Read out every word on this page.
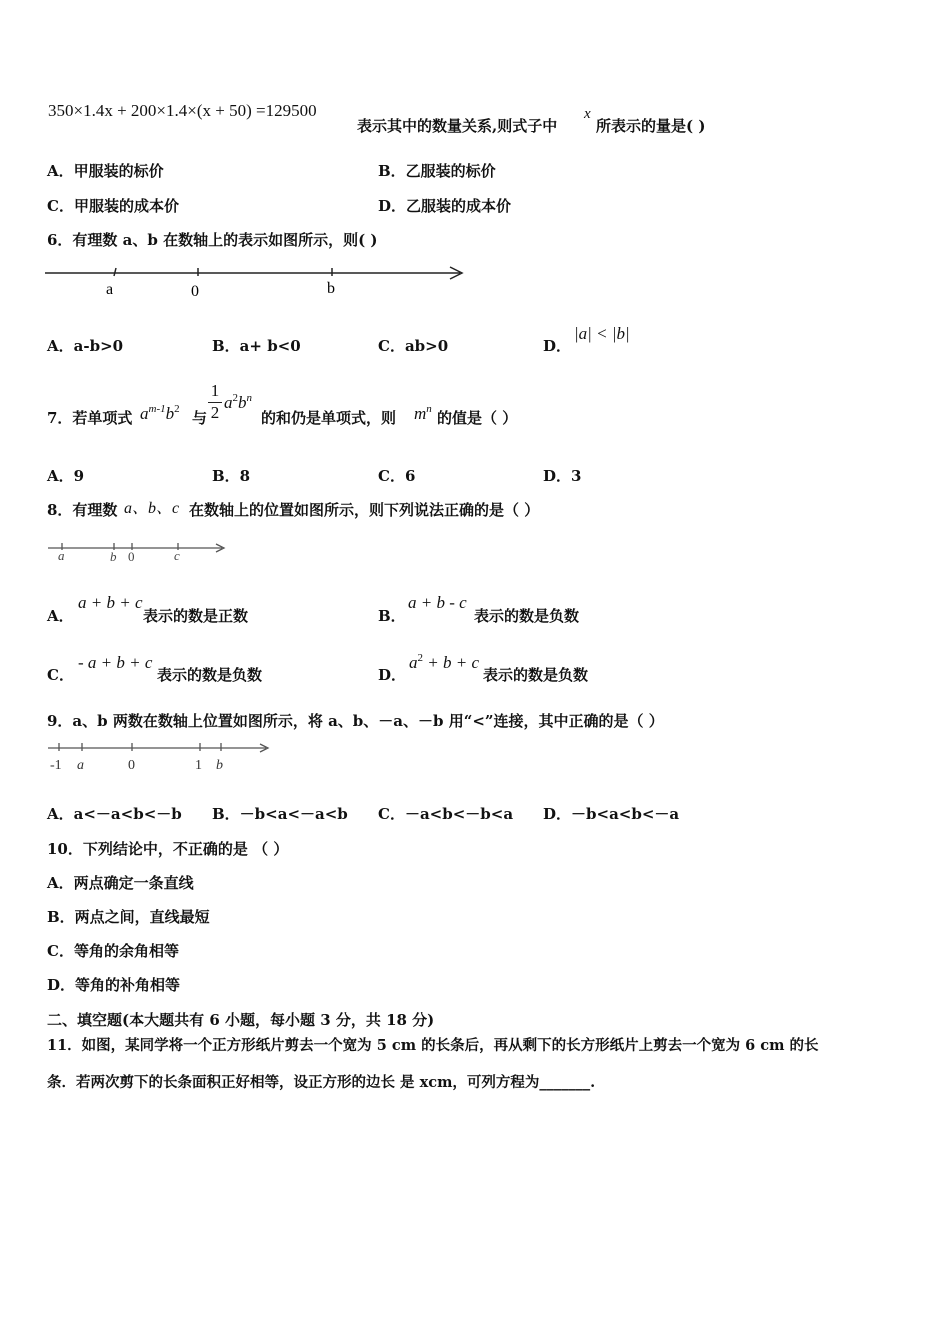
350×1.4x + 200×1.4×(x + 50) =129500
表示其中的数量关系,则式子中
x
所表示的量是( )
A．甲服装的标价	B．乙服装的标价
C．甲服装的成本价	D．乙服装的成本价
6．有理数 a、b 在数轴上的表示如图所示，则( )
a	0	b
A．a-b>0	B．a+ b<0	C．ab>0	D．
|a| < |b|
7．若单项式 $a^{m-1}b^2$ 与 $\frac{1}{2} a^2b^n$
的和仍是单项式，则 $m^n$ 的值是（ ）
A．9	B．8	C．6	D．3
8．有理数 a、b、c 在数轴上的位置如图所示，则下列说法正确的是（ ）
a	b 0	c
A．
a + b + c
表示的数是正数	B．
a + b - c
表示的数是负数
C．
- a + b + c
表示的数是负数	D．
$a^2 + b + c$
表示的数是负数
9．a、b 两数在数轴上位置如图所示，将 a、b、－a、－b 用“<”连接，其中正确的是（ ）
-1 a	0	1 b
A．a<－a<b<－b B．－b<a<－a<b C．－a<b<－b<a D．－b<a<b<－a
10．下列结论中，不正确的是 （ ）
A．两点确定一条直线
B．两点之间，直线最短
C．等角的余角相等
D．等角的补角相等
二、填空题(本大题共有 6 小题，每小题 3 分，共 18 分)
11．如图，某同学将一个正方形纸片剪去一个宽为 5 cm 的长条后，再从剩下的长方形纸片上剪去一个宽为 6 cm 的长
条．若两次剪下的长条面积正好相等，设正方形的边长 是 xcm，可列方程为_______.
